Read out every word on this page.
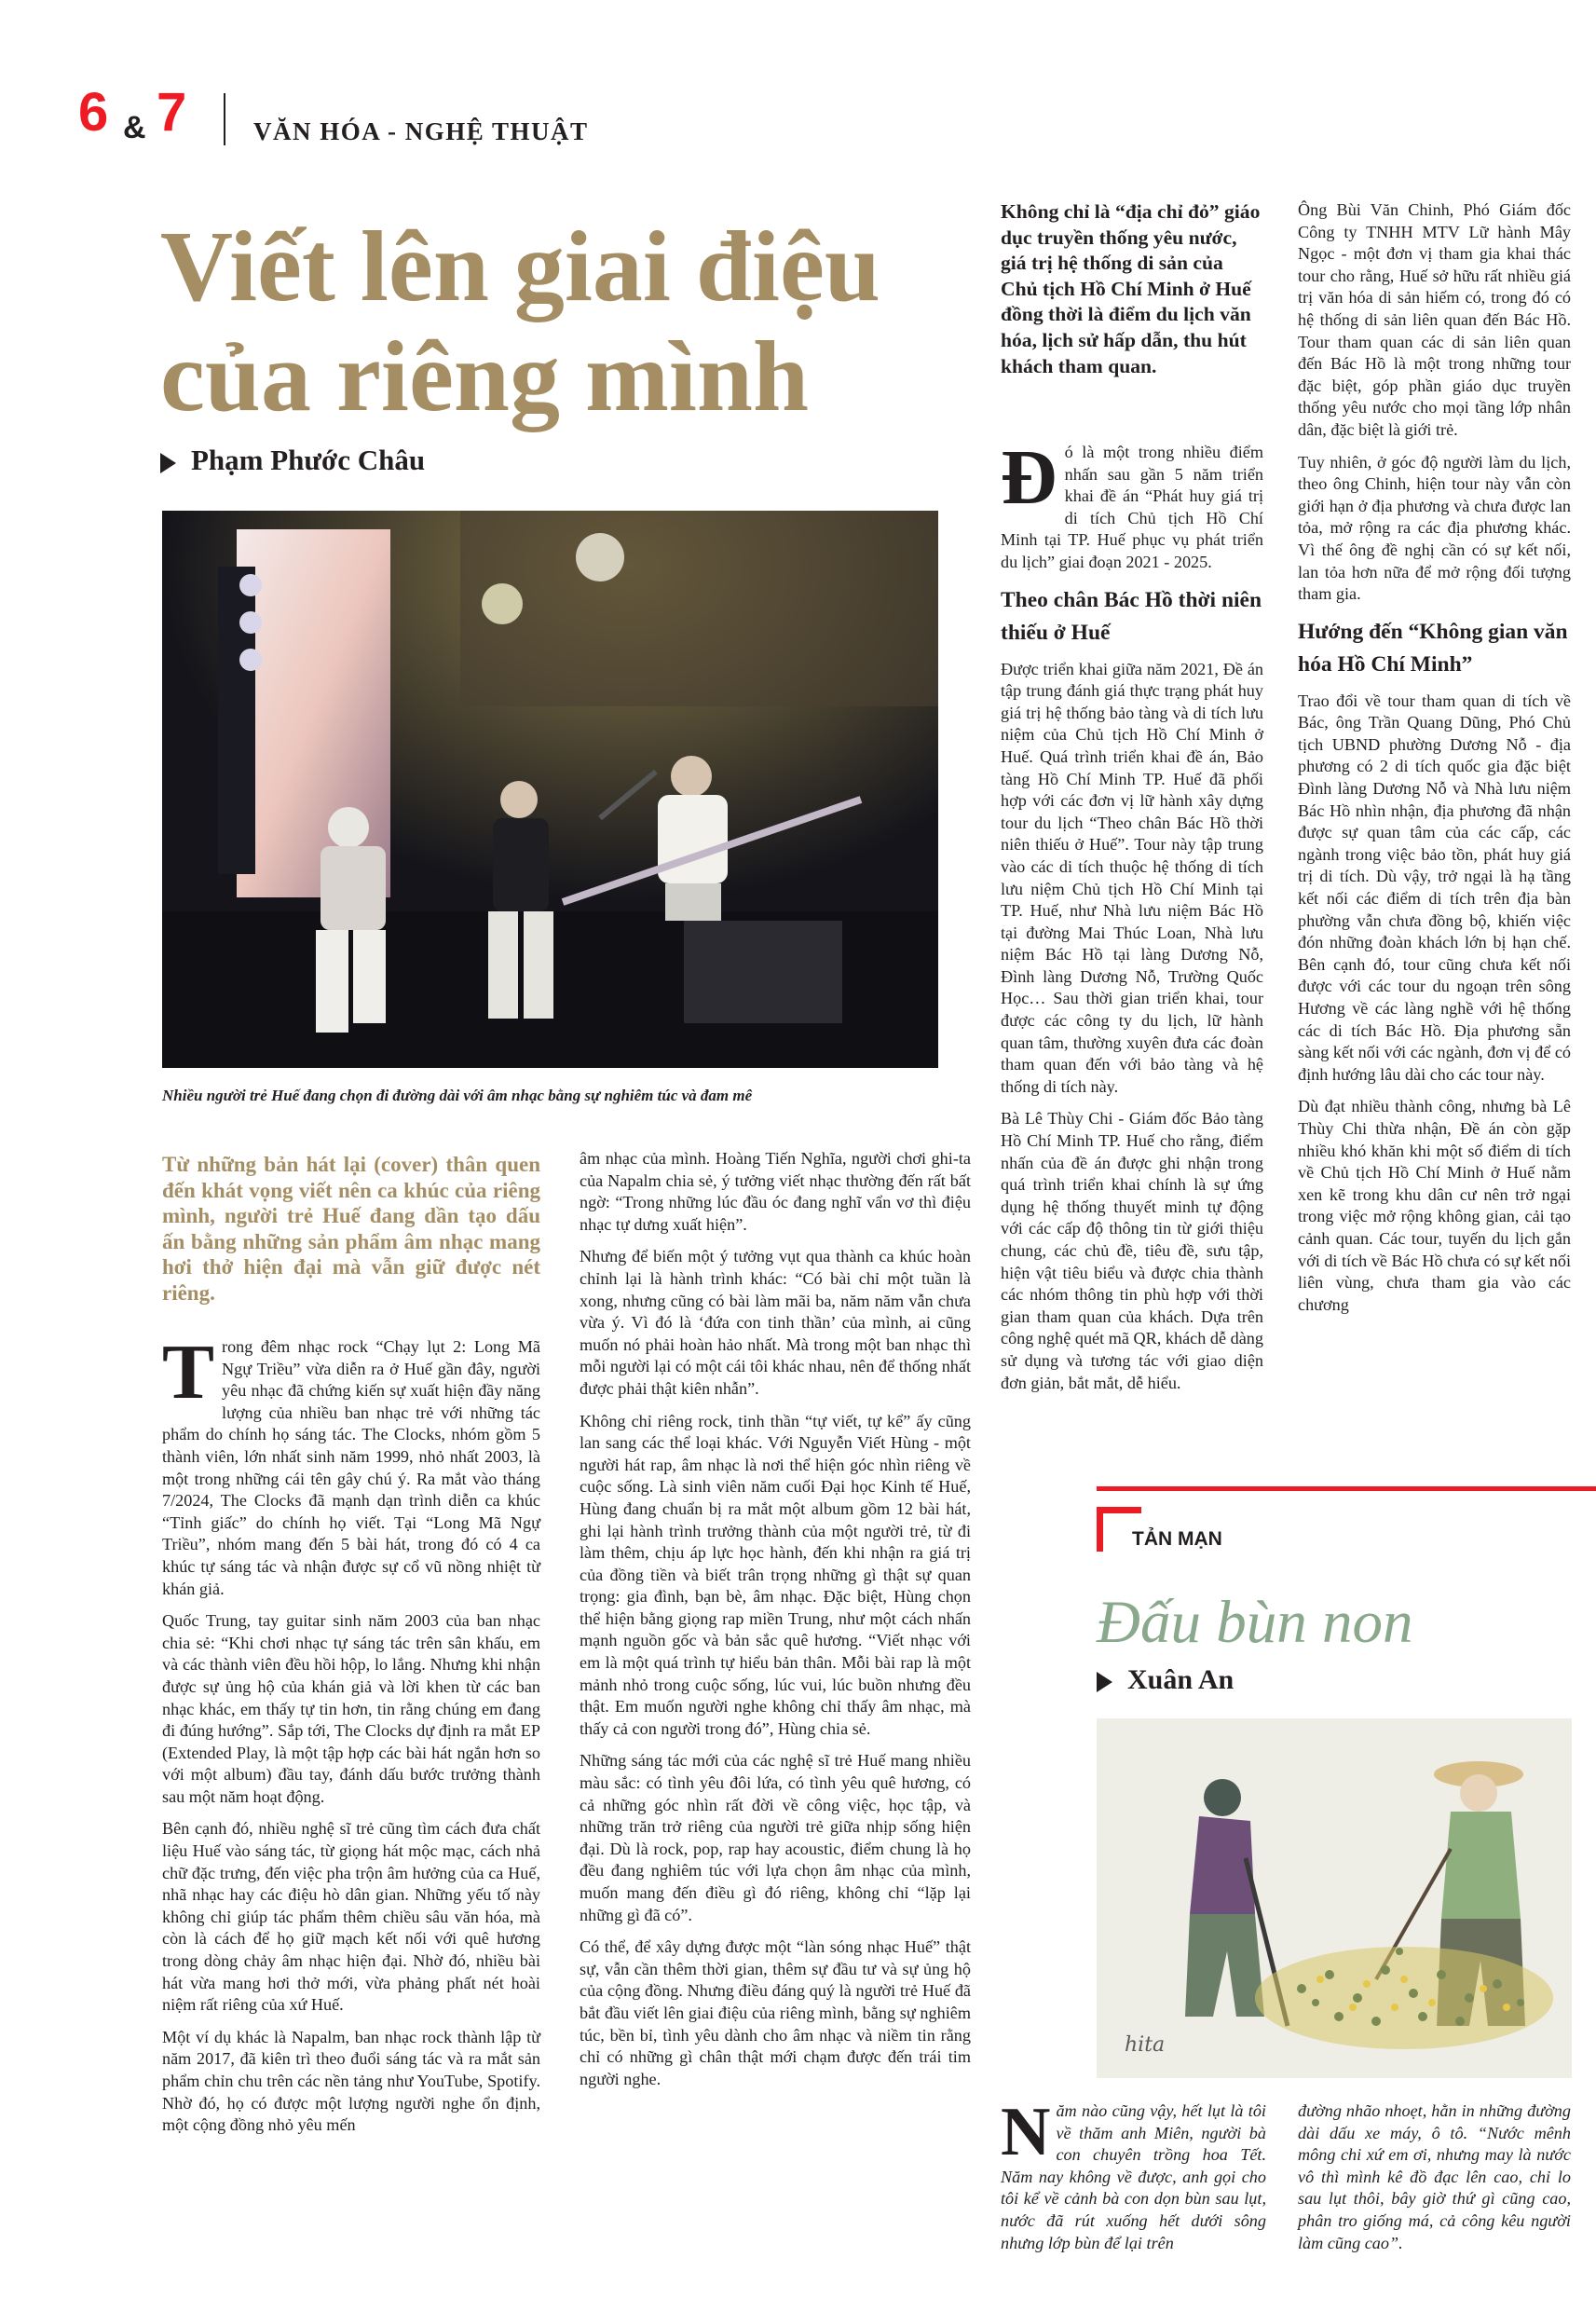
6 & 7	VĂN HÓA - NGHỆ THUẬT
Viết lên giai điệu
của riêng mình
Phạm Phước Châu
Nhiều người trẻ Huế đang chọn đi đường dài với âm nhạc bằng sự nghiêm túc và đam mê

Từ những bản hát lại (cover) thân quen đến khát vọng viết nên ca khúc của riêng mình, người trẻ Huế đang dần tạo dấu ấn bằng những sản phẩm âm nhạc mang hơi thở hiện đại mà vẫn giữ được nét riêng.

Trong đêm nhạc rock “Chạy lụt 2: Long Mã Ngự Triều” vừa diễn ra ở Huế gần đây, người yêu nhạc đã chứng kiến sự xuất hiện đầy năng lượng của nhiều ban nhạc trẻ với những tác phẩm do chính họ sáng tác. The Clocks, nhóm gồm 5 thành viên, lớn nhất sinh năm 1999, nhỏ nhất 2003, là một trong những cái tên gây chú ý. Ra mắt vào tháng 7/2024, The Clocks đã mạnh dạn trình diễn ca khúc “Tỉnh giấc” do chính họ viết. Tại “Long Mã Ngự Triều”, nhóm mang đến 5 bài hát, trong đó có 4 ca khúc tự sáng tác và nhận được sự cổ vũ nồng nhiệt từ khán giả.

Quốc Trung, tay guitar sinh năm 2003 của ban nhạc chia sẻ: “Khi chơi nhạc tự sáng tác trên sân khấu, em và các thành viên đều hồi hộp, lo lắng. Nhưng khi nhận được sự ủng hộ của khán giả và lời khen từ các ban nhạc khác, em thấy tự tin hơn, tin rằng chúng em đang đi đúng hướng”. Sắp tới, The Clocks dự định ra mắt EP (Extended Play, là một tập hợp các bài hát ngắn hơn so với một album) đầu tay, đánh dấu bước trưởng thành sau một năm hoạt động.

Bên cạnh đó, nhiều nghệ sĩ trẻ cũng tìm cách đưa chất liệu Huế vào sáng tác, từ giọng hát mộc mạc, cách nhả chữ đặc trưng, đến việc pha trộn âm hưởng của ca Huế, nhã nhạc hay các điệu hò dân gian. Những yếu tố này không chỉ giúp tác phẩm thêm chiều sâu văn hóa, mà còn là cách để họ giữ mạch kết nối với quê hương trong dòng chảy âm nhạc hiện đại. Nhờ đó, nhiều bài hát vừa mang hơi thở mới, vừa phảng phất nét hoài niệm rất riêng của xứ Huế.

Một ví dụ khác là Napalm, ban nhạc rock thành lập từ năm 2017, đã kiên trì theo đuổi sáng tác và ra mắt sản phẩm chỉn chu trên các nền tảng như YouTube, Spotify. Nhờ đó, họ có được một lượng người nghe ổn định, một cộng đồng nhỏ yêu mến

âm nhạc của mình. Hoàng Tiến Nghĩa, người chơi ghi-ta của Napalm chia sẻ, ý tưởng viết nhạc thường đến rất bất ngờ: “Trong những lúc đầu óc đang nghĩ vẩn vơ thì điệu nhạc tự dưng xuất hiện”.

Nhưng để biến một ý tưởng vụt qua thành ca khúc hoàn chỉnh lại là hành trình khác: “Có bài chỉ một tuần là xong, nhưng cũng có bài làm mãi ba, năm năm vẫn chưa vừa ý. Vì đó là ‘đứa con tinh thần’ của mình, ai cũng muốn nó phải hoàn hảo nhất. Mà trong một ban nhạc thì mỗi người lại có một cái tôi khác nhau, nên để thống nhất được phải thật kiên nhẫn”.

Không chỉ riêng rock, tinh thần “tự viết, tự kể” ấy cũng lan sang các thể loại khác. Với Nguyễn Viết Hùng - một người hát rap, âm nhạc là nơi thể hiện góc nhìn riêng về cuộc sống. Là sinh viên năm cuối Đại học Kinh tế Huế, Hùng đang chuẩn bị ra mắt một album gồm 12 bài hát, ghi lại hành trình trưởng thành của một người trẻ, từ đi làm thêm, chịu áp lực học hành, đến khi nhận ra giá trị của đồng tiền và biết trân trọng những gì thật sự quan trọng: gia đình, bạn bè, âm nhạc. Đặc biệt, Hùng chọn thể hiện bằng giọng rap miền Trung, như một cách nhấn mạnh nguồn gốc và bản sắc quê hương. “Viết nhạc với em là một quá trình tự hiểu bản thân. Mỗi bài rap là một mảnh nhỏ trong cuộc sống, lúc vui, lúc buồn nhưng đều thật. Em muốn người nghe không chỉ thấy âm nhạc, mà thấy cả con người trong đó”, Hùng chia sẻ.

Những sáng tác mới của các nghệ sĩ trẻ Huế mang nhiều màu sắc: có tình yêu đôi lứa, có tình yêu quê hương, có cả những góc nhìn rất đời về công việc, học tập, và những trăn trở riêng của người trẻ giữa nhịp sống hiện đại. Dù là rock, pop, rap hay acoustic, điểm chung là họ đều đang nghiêm túc với lựa chọn âm nhạc của mình, muốn mang đến điều gì đó riêng, không chỉ “lặp lại những gì đã có”.

Có thể, để xây dựng được một “làn sóng nhạc Huế” thật sự, vẫn cần thêm thời gian, thêm sự đầu tư và sự ủng hộ của cộng đồng. Nhưng điều đáng quý là người trẻ Huế đã bắt đầu viết lên giai điệu của riêng mình, bằng sự nghiêm túc, bền bỉ, tình yêu dành cho âm nhạc và niềm tin rằng chỉ có những gì chân thật mới chạm được đến trái tim người nghe.

Không chỉ là “địa chỉ đỏ” giáo dục truyền thống yêu nước, giá trị hệ thống di sản của Chủ tịch Hồ Chí Minh ở Huế đồng thời là điểm du lịch văn hóa, lịch sử hấp dẫn, thu hút khách tham quan.

Đó là một trong nhiều điểm nhấn sau gần 5 năm triển khai đề án “Phát huy giá trị di tích Chủ tịch Hồ Chí Minh tại TP. Huế phục vụ phát triển du lịch” giai đoạn 2021 - 2025.

Theo chân Bác Hồ thời niên thiếu ở Huế

Được triển khai giữa năm 2021, Đề án tập trung đánh giá thực trạng phát huy giá trị hệ thống bảo tàng và di tích lưu niệm của Chủ tịch Hồ Chí Minh ở Huế. Quá trình triển khai đề án, Bảo tàng Hồ Chí Minh TP. Huế đã phối hợp với các đơn vị lữ hành xây dựng tour du lịch “Theo chân Bác Hồ thời niên thiếu ở Huế”. Tour này tập trung vào các di tích thuộc hệ thống di tích lưu niệm Chủ tịch Hồ Chí Minh tại TP. Huế, như Nhà lưu niệm Bác Hồ tại đường Mai Thúc Loan, Nhà lưu niệm Bác Hồ tại làng Dương Nỗ, Đình làng Dương Nỗ, Trường Quốc Học… Sau thời gian triển khai, tour được các công ty du lịch, lữ hành quan tâm, thường xuyên đưa các đoàn tham quan đến với bảo tàng và hệ thống di tích này.

Bà Lê Thùy Chi - Giám đốc Bảo tàng Hồ Chí Minh TP. Huế cho rằng, điểm nhấn của đề án được ghi nhận trong quá trình triển khai chính là sự ứng dụng hệ thống thuyết minh tự động với các cấp độ thông tin từ giới thiệu chung, các chủ đề, tiêu đề, sưu tập, hiện vật tiêu biểu và được chia thành các nhóm thông tin phù hợp với thời gian tham quan của khách. Dựa trên công nghệ quét mã QR, khách dễ dàng sử dụng và tương tác với giao diện đơn giản, bắt mắt, dễ hiểu.

Ông Bùi Văn Chinh, Phó Giám đốc Công ty TNHH MTV Lữ hành Mây Ngọc - một đơn vị tham gia khai thác tour cho rằng, Huế sở hữu rất nhiều giá trị văn hóa di sản hiếm có, trong đó có hệ thống di sản liên quan đến Bác Hồ. Tour tham quan các di sản liên quan đến Bác Hồ là một trong những tour đặc biệt, góp phần giáo dục truyền thống yêu nước cho mọi tầng lớp nhân dân, đặc biệt là giới trẻ.

Tuy nhiên, ở góc độ người làm du lịch, theo ông Chinh, hiện tour này vẫn còn giới hạn ở địa phương và chưa được lan tỏa, mở rộng ra các địa phương khác. Vì thế ông đề nghị cần có sự kết nối, lan tỏa hơn nữa để mở rộng đối tượng tham gia.

Hướng đến “Không gian văn hóa Hồ Chí Minh”

Trao đổi về tour tham quan di tích về Bác, ông Trần Quang Dũng, Phó Chủ tịch UBND phường Dương Nỗ - địa phương có 2 di tích quốc gia đặc biệt Đình làng Dương Nỗ và Nhà lưu niệm Bác Hồ nhìn nhận, địa phương đã nhận được sự quan tâm của các cấp, các ngành trong việc bảo tồn, phát huy giá trị di tích. Dù vậy, trở ngại là hạ tầng kết nối các điểm di tích trên địa bàn phường vẫn chưa đồng bộ, khiến việc đón những đoàn khách lớn bị hạn chế. Bên cạnh đó, tour cũng chưa kết nối được với các tour du ngoạn trên sông Hương về các làng nghề với hệ thống các di tích Bác Hồ. Địa phương sẵn sàng kết nối với các ngành, đơn vị để có định hướng lâu dài cho các tour này.

Dù đạt nhiều thành công, nhưng bà Lê Thùy Chi thừa nhận, Đề án còn gặp nhiều khó khăn khi một số điểm di tích về Chủ tịch Hồ Chí Minh ở Huế nằm xen kẽ trong khu dân cư nên trở ngại trong việc mở rộng không gian, cải tạo cảnh quan. Các tour, tuyến du lịch gắn với di tích về Bác Hồ chưa có sự kết nối liên vùng, chưa tham gia vào các chương

TẢN MẠN
Đấu bùn non
Xuân An
hita
Năm nào cũng vậy, hết lụt là tôi về thăm anh Miên, người bà con chuyên trồng hoa Tết. Năm nay không về được, anh gọi cho tôi kể về cảnh bà con dọn bùn sau lụt, nước đã rút xuống hết dưới sông nhưng lớp bùn để lại trên
đường nhão nhoẹt, hằn in những đường dài dấu xe máy, ô tô. “Nước mênh mông chi xứ em ơi, nhưng may là nước vô thì mình kê đồ đạc lên cao, chỉ lo sau lụt thôi, bây giờ thứ gì cũng cao, phân tro giống má, cả công kêu người làm cũng cao”.
